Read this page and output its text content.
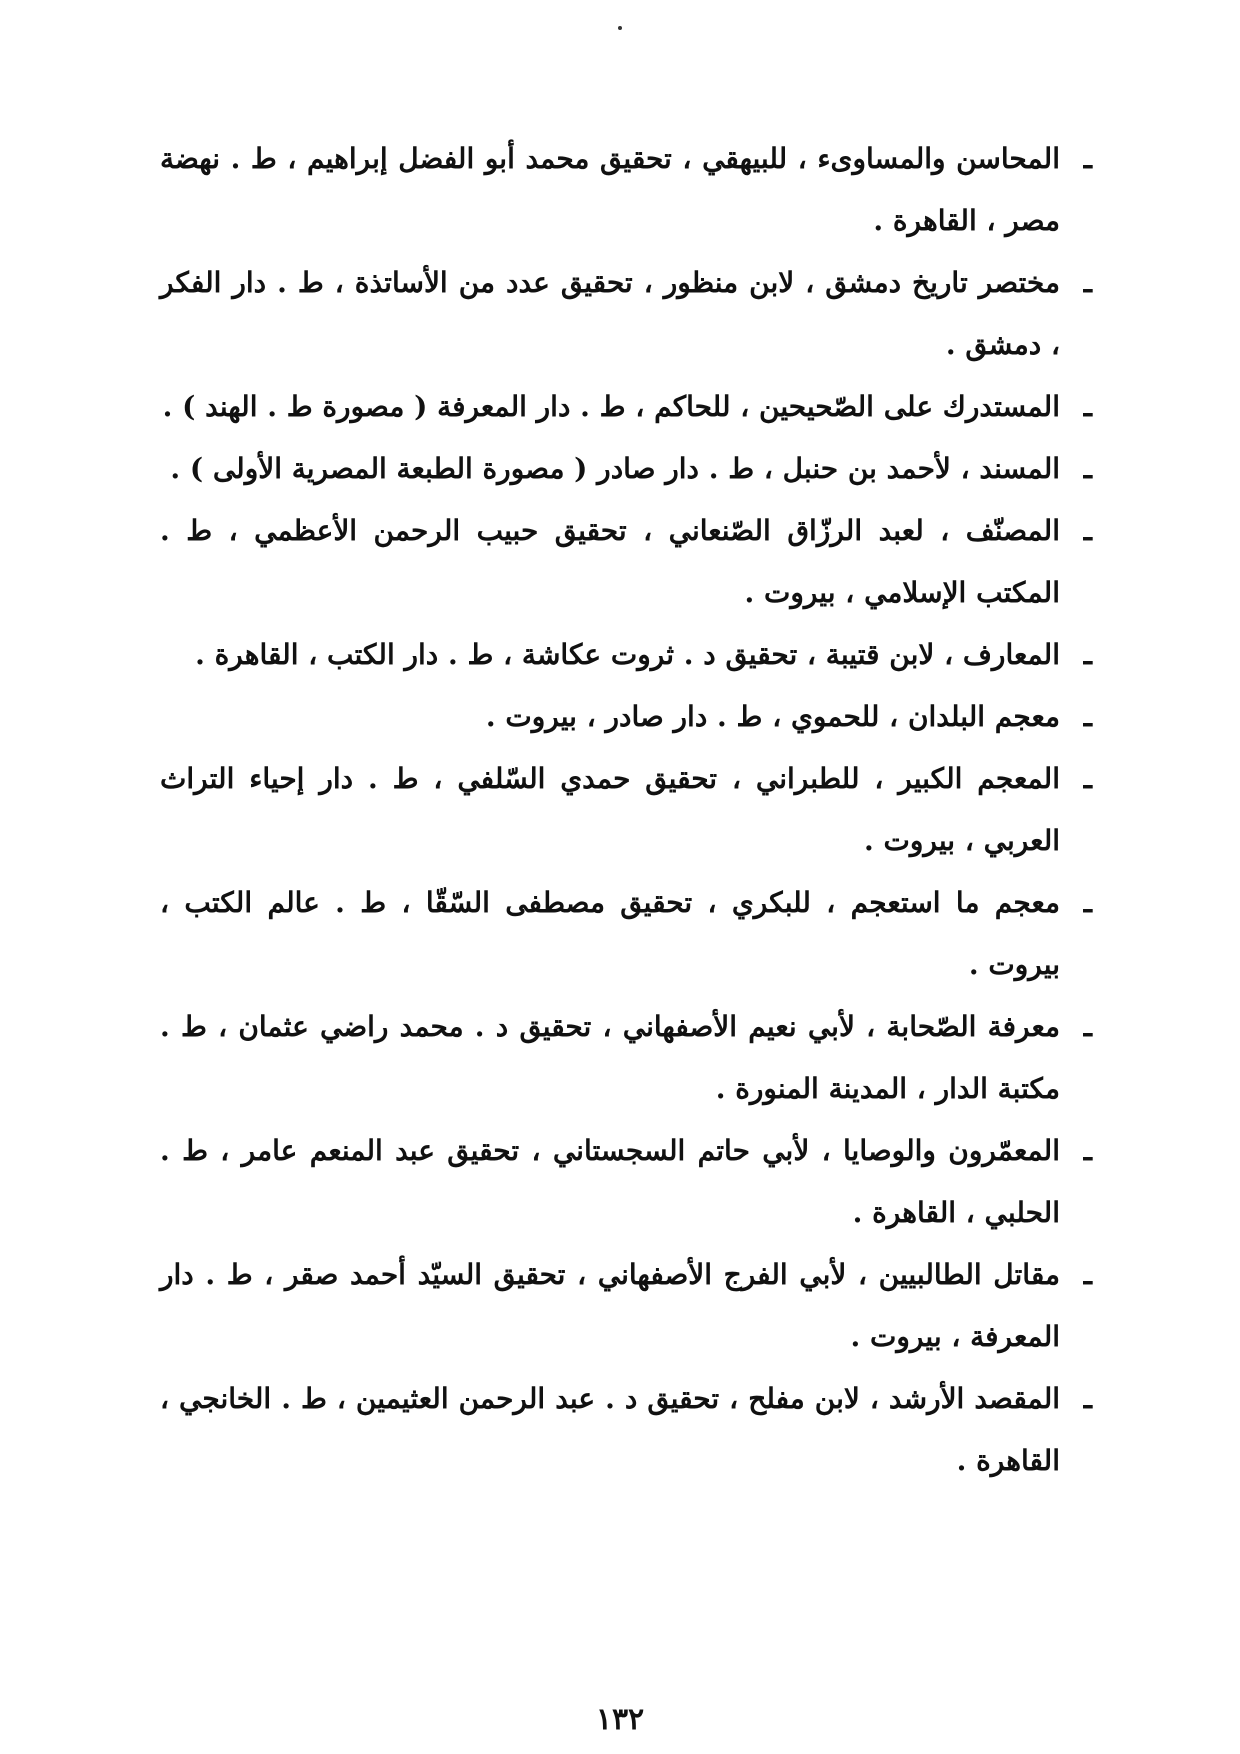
ـ
المحاسن والمساوىء ، للبيهقي ، تحقيق محمد أبو الفضل إبراهيم ، ط . نهضة مصر ، القاهرة .
ـ
مختصر تاريخ دمشق ، لابن منظور ، تحقيق عدد من الأساتذة ، ط . دار الفكر ، دمشق .
ـ
المستدرك على الصّحيحين ، للحاكم ، ط . دار المعرفة ( مصورة ط . الهند ) .
ـ
المسند ، لأحمد بن حنبل ، ط . دار صادر ( مصورة الطبعة المصرية الأولى ) .
ـ
المصنّف ، لعبد الرزّاق الصّنعاني ، تحقيق حبيب الرحمن الأعظمي ، ط . المكتب الإسلامي ، بيروت .
ـ
المعارف ، لابن قتيبة ، تحقيق د . ثروت عكاشة ، ط . دار الكتب ، القاهرة .
ـ
معجم البلدان ، للحموي ، ط . دار صادر ، بيروت .
ـ
المعجم الكبير ، للطبراني ، تحقيق حمدي السّلفي ، ط . دار إحياء التراث العربي ، بيروت .
ـ
معجم ما استعجم ، للبكري ، تحقيق مصطفى السّقّا ، ط . عالم الكتب ، بيروت .
ـ
معرفة الصّحابة ، لأبي نعيم الأصفهاني ، تحقيق د . محمد راضي عثمان ، ط . مكتبة الدار ، المدينة المنورة .
ـ
المعمّرون والوصايا ، لأبي حاتم السجستاني ، تحقيق عبد المنعم عامر ، ط . الحلبي ، القاهرة .
ـ
مقاتل الطالبيين ، لأبي الفرج الأصفهاني ، تحقيق السيّد أحمد صقر ، ط . دار المعرفة ، بيروت .
ـ
المقصد الأرشد ، لابن مفلح ، تحقيق د . عبد الرحمن العثيمين ، ط . الخانجي ، القاهرة .
١٣٢
